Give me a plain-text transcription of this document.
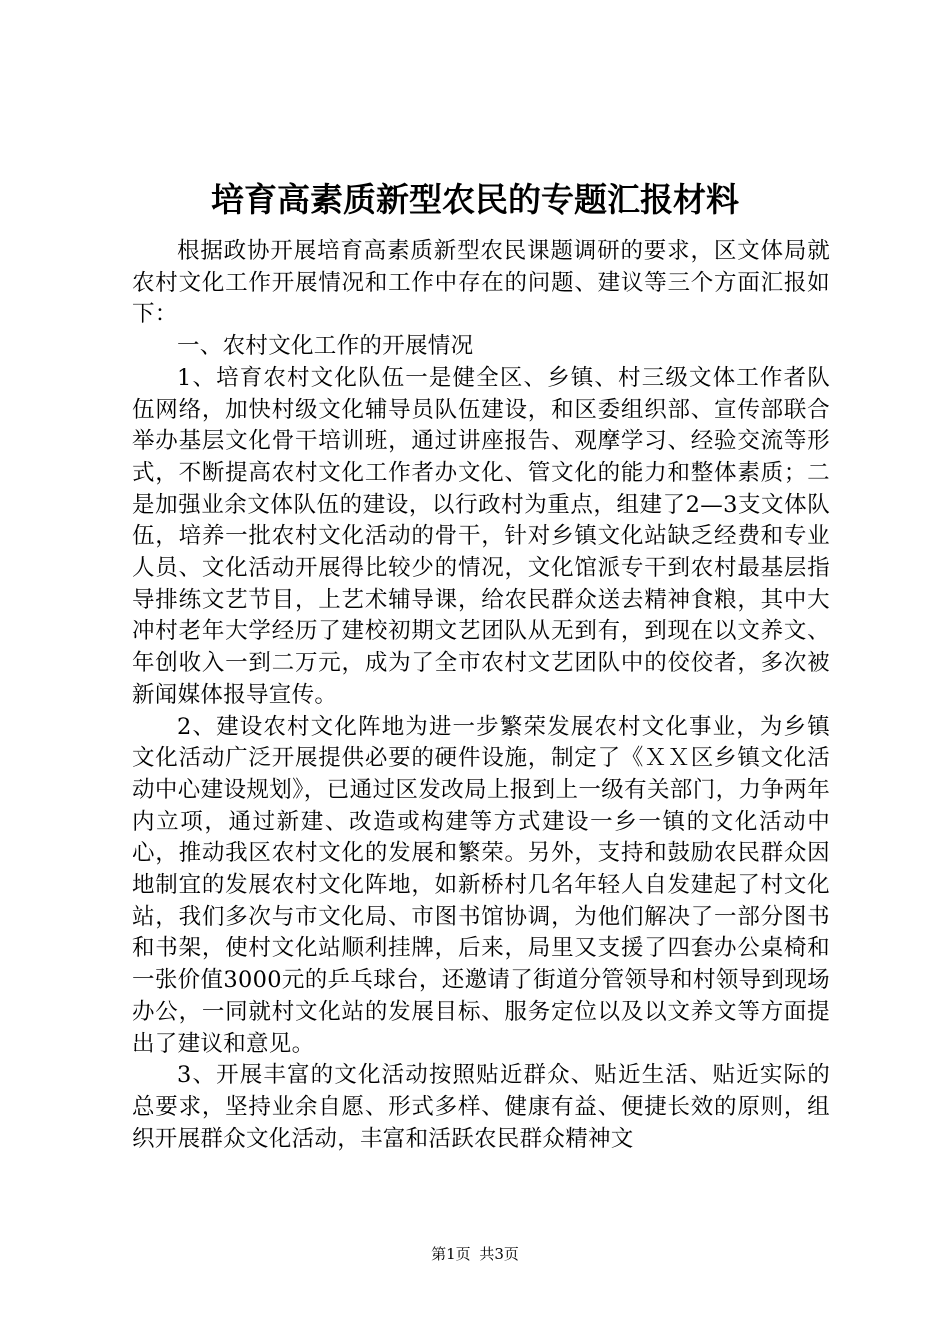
培育高素质新型农民的专题汇报材料

根据政协开展培育高素质新型农民课题调研的要求，区文体局就农村文化工作开展情况和工作中存在的问题、建议等三个方面汇报如下：

一、农村文化工作的开展情况

1、培育农村文化队伍一是健全区、乡镇、村三级文体工作者队伍网络，加快村级文化辅导员队伍建设，和区委组织部、宣传部联合举办基层文化骨干培训班，通过讲座报告、观摩学习、经验交流等形式，不断提高农村文化工作者办文化、管文化的能力和整体素质；二是加强业余文体队伍的建设，以行政村为重点，组建了2—3支文体队伍，培养一批农村文化活动的骨干，针对乡镇文化站缺乏经费和专业人员、文化活动开展得比较少的情况，文化馆派专干到农村最基层指导排练文艺节目，上艺术辅导课，给农民群众送去精神食粮，其中大冲村老年大学经历了建校初期文艺团队从无到有，到现在以文养文、年创收入一到二万元，成为了全市农村文艺团队中的佼佼者，多次被新闻媒体报导宣传。

2、建设农村文化阵地为进一步繁荣发展农村文化事业，为乡镇文化活动广泛开展提供必要的硬件设施，制定了《ＸＸ区乡镇文化活动中心建设规划》，已通过区发改局上报到上一级有关部门，力争两年内立项，通过新建、改造或构建等方式建设一乡一镇的文化活动中心，推动我区农村文化的发展和繁荣。另外，支持和鼓励农民群众因地制宜的发展农村文化阵地，如新桥村几名年轻人自发建起了村文化站，我们多次与市文化局、市图书馆协调，为他们解决了一部分图书和书架，使村文化站顺利挂牌，后来，局里又支援了四套办公桌椅和一张价值3000元的乒乓球台，还邀请了街道分管领导和村领导到现场办公，一同就村文化站的发展目标、服务定位以及以文养文等方面提出了建议和意见。

3、开展丰富的文化活动按照贴近群众、贴近生活、贴近实际的总要求，坚持业余自愿、形式多样、健康有益、便捷长效的原则，组织开展群众文化活动，丰富和活跃农民群众精神文

第1页 共3页
